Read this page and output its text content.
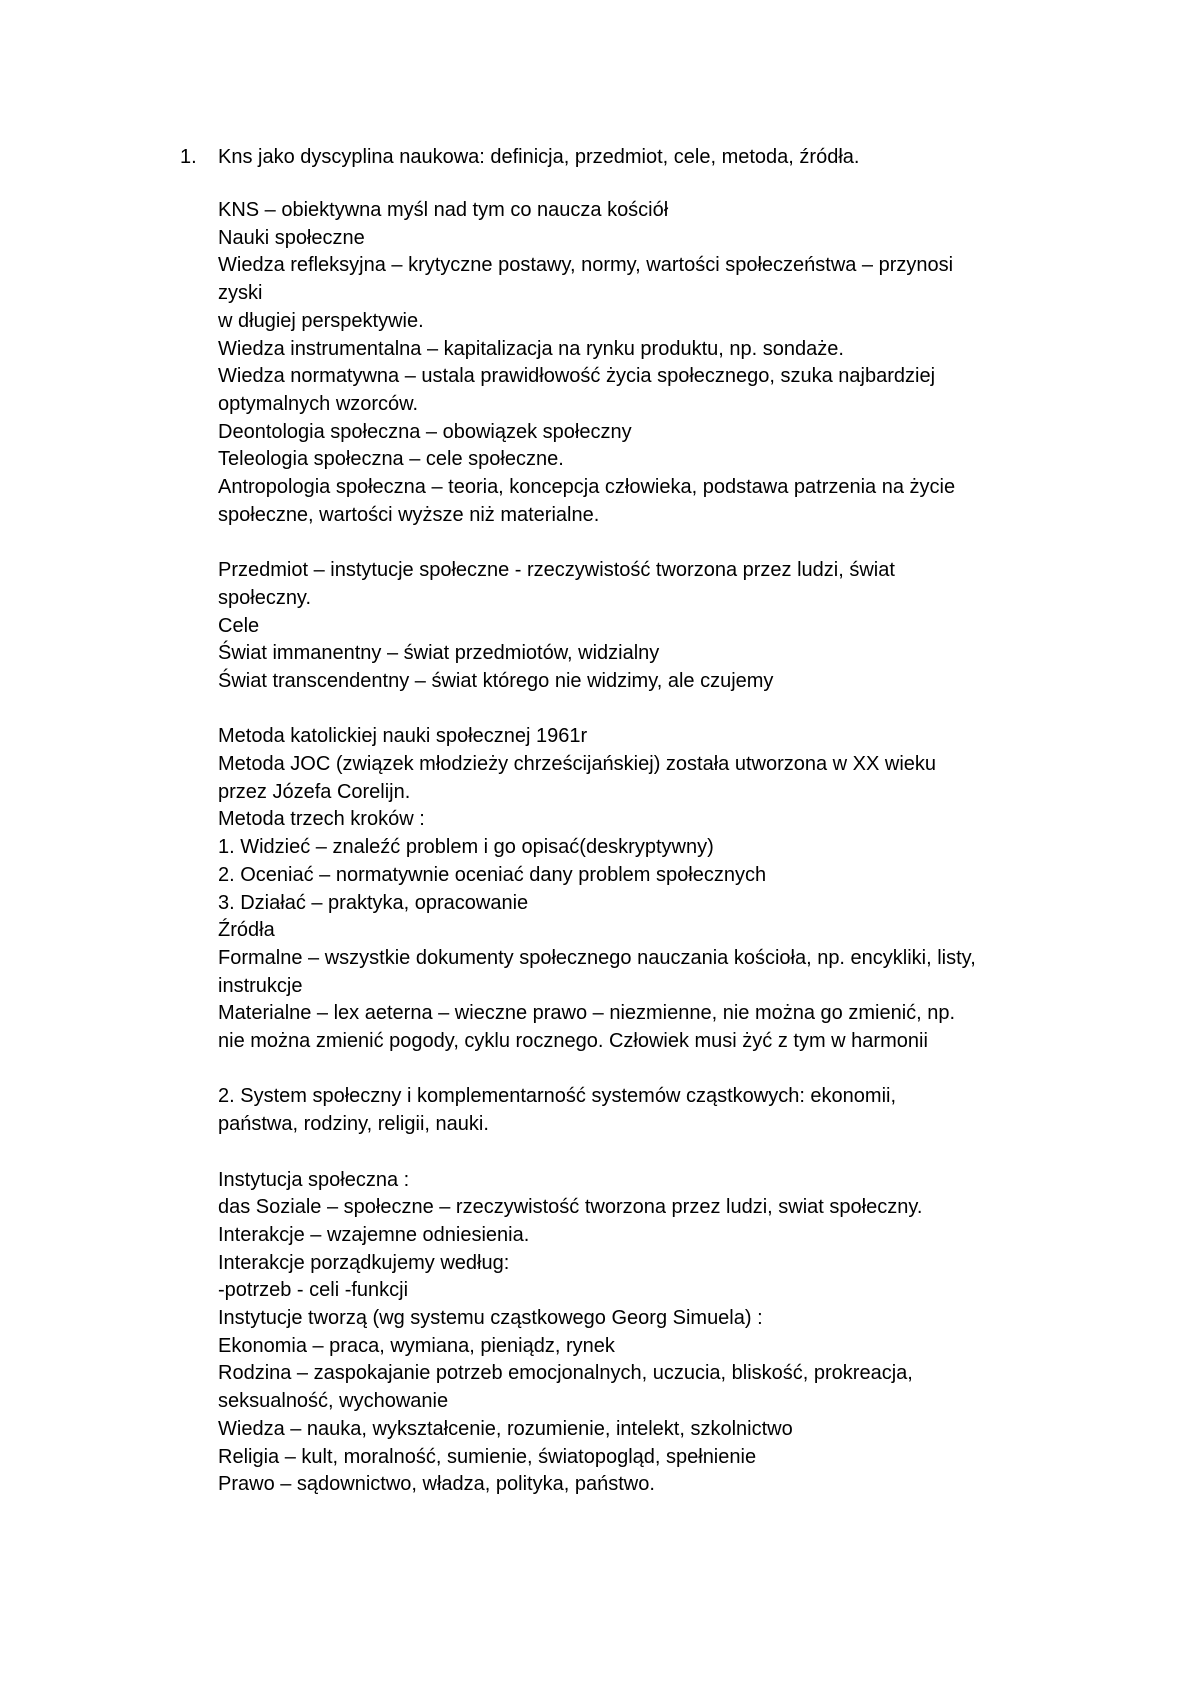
1. Kns jako dyscyplina naukowa: definicja, przedmiot, cele, metoda, źródła.
KNS – obiektywna myśl nad tym co naucza kościół
Nauki społeczne
Wiedza refleksyjna – krytyczne postawy, normy, wartości społeczeństwa – przynosi
zyski
w długiej perspektywie.
Wiedza instrumentalna – kapitalizacja na rynku produktu, np. sondaże.
Wiedza normatywna – ustala prawidłowość życia społecznego, szuka najbardziej
optymalnych wzorców.
Deontologia społeczna – obowiązek społeczny
Teleologia społeczna – cele społeczne.
Antropologia społeczna – teoria, koncepcja człowieka, podstawa patrzenia na życie
społeczne, wartości wyższe niż materialne.
Przedmiot – instytucje społeczne - rzeczywistość tworzona przez ludzi, świat
społeczny.
Cele
Świat immanentny – świat przedmiotów, widzialny
Świat transcendentny – świat którego nie widzimy, ale czujemy
Metoda katolickiej nauki społecznej 1961r
Metoda JOC (związek młodzieży chrześcijańskiej) została utworzona w XX wieku
przez Józefa Corelijn.
Metoda trzech kroków :
1. Widzieć – znaleźć problem i go opisać(deskryptywny)
2. Oceniać – normatywnie oceniać dany problem społecznych
3. Działać – praktyka, opracowanie
Źródła
Formalne – wszystkie dokumenty społecznego nauczania kościoła, np. encykliki, listy,
instrukcje
Materialne – lex aeterna – wieczne prawo – niezmienne, nie można go zmienić, np.
nie można zmienić pogody, cyklu rocznego. Człowiek musi żyć z tym w harmonii
2. System społeczny i komplementarność systemów cząstkowych: ekonomii,
państwa, rodziny, religii, nauki.
Instytucja społeczna :
das Soziale – społeczne – rzeczywistość tworzona przez ludzi, swiat społeczny.
Interakcje – wzajemne odniesienia.
Interakcje porządkujemy według:
-potrzeb - celi -funkcji
Instytucje tworzą (wg systemu cząstkowego Georg Simuela) :
Ekonomia – praca, wymiana, pieniądz, rynek
Rodzina – zaspokajanie potrzeb emocjonalnych, uczucia, bliskość, prokreacja,
seksualność, wychowanie
Wiedza – nauka, wykształcenie, rozumienie, intelekt, szkolnictwo
Religia – kult, moralność, sumienie, światopogląd, spełnienie
Prawo – sądownictwo, władza, polityka, państwo.
